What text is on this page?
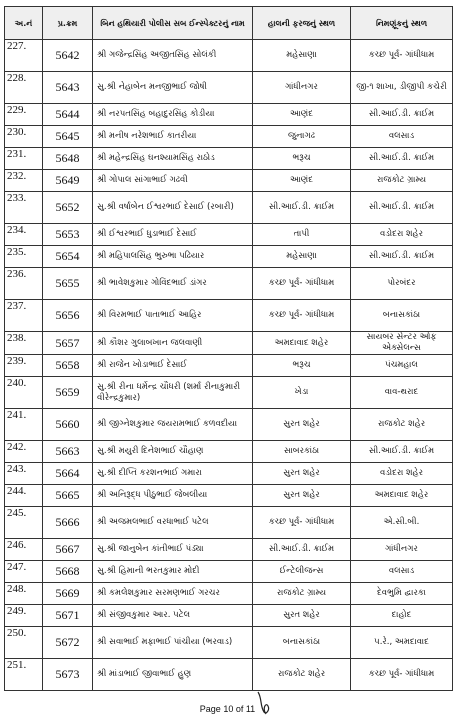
અ.નં	પ્ર.ક્રમ	બિન હથિયારી પોલીસ સબ ઈન્સ્પેક્ટરનું નામ	હાલની ફરજનું સ્થળ	નિમણૂંકનું સ્થળ
227.	5642	શ્રી ગજેન્દ્રસિંહ અજીતસિંહ સોલંકી	મહેસાણા	કચ્છ પૂર્વ- ગાંધીધામ
228.	5643	સુ.શ્રી નેહાબેન મનજીભાઈ જોષી	ગાંધીનગર	જી-૧ શાખા, ડીજીપી કચેરી
229.	5644	શ્રી નરપતસિંહ બહાદુરસિંહ કોડીયા	આણંદ	સી.આઈ.ડી. ક્રાઈમ
230.	5645	શ્રી મનીષ નરેશભાઈ કાતરીયા	જુનાગઢ	વલસાડ
231.	5648	શ્રી મહેન્દ્રસિંહ ઘનશ્યામસિંહ રાઠોડ	ભરૂચ	સી.આઈ.ડી. ક્રાઈમ
232.	5649	શ્રી ગોપાલ સાંગાભાઈ ગઢવી	આણંદ	રાજકોટ ગ્રામ્ય
233.	5652	સુ.શ્રી વર્ષાબેન ઈશ્વરભાઈ દેસાઈ (રબારી)	સી.આઈ.ડી. ક્રાઈમ	સી.આઈ.ડી. ક્રાઈમ
234.	5653	શ્રી ઈશ્વરભાઈ ધુડાભાઈ દેસાઈ	તાપી	વડોદરા શહેર
235.	5654	શ્રી મહિપાલસિંહ ભુરુભા પઢિયાર	મહેસાણા	સી.આઈ.ડી. ક્રાઈમ
236.	5655	શ્રી ભાવેશકુમાર ગોવિંદભાઈ ડાંગર	કચ્છ પૂર્વ- ગાંધીધામ	પોરબંદર
237.	5656	શ્રી વિરમભાઈ પાતાભાઈ આહિર	કચ્છ પૂર્વ- ગાંધીધામ	બનાસકાંઠા
238.	5657	શ્રી કૌશર ગુલાબખાન જલવાણી	અમદાવાદ શહેર	સાયબર સેન્ટર ઓફ એક્સેલન્સ
239.	5658	શ્રી રાજેન ખોડાભાઈ દેસાઈ	ભરૂચ	પંચમહાલ
240.	5659	સુ.શ્રી રીના ધર્મેન્દ્ર ચૌધરી (શર્મા રીનાકુમારી વીરેન્દ્રકુમાર)	ખેડા	વાવ-થરાદ
241.	5660	શ્રી જીગ્નેશકુમાર જયરામભાઈ કળવદીયા	સુરત શહેર	રાજકોટ શહેર
242.	5663	સુ.શ્રી મયુરી દિનેશભાઈ ચૌહાણ	સાબરકાંઠા	સી.આઈ.ડી. ક્રાઈમ
243.	5664	સુ.શ્રી દીપ્તિ કરશનભાઈ ગમારા	સુરત શહેર	વડોદરા શહેર
244.	5665	શ્રી અનિરૂદ્ધ પીઠુભાઈ જેબલીયા	સુરત શહેર	અમદાવાદ શહેર
245.	5666	શ્રી અજમલભાઈ વરધાભાઈ પટેલ	કચ્છ પૂર્વ- ગાંધીધામ	એ.સી.બી.
246.	5667	સુ.શ્રી જાનુબેન કાંતીભાઈ પંડ્યા	સી.આઈ.ડી. ક્રાઈમ	ગાંધીનગર
247.	5668	સુ.શ્રી હિમાની ભરતકુમાર મોદી	ઈન્ટેલીજન્સ	વલસાડ
248.	5669	શ્રી કમલેશકુમાર સરમણભાઈ ગરચર	રાજકોટ ગ્રામ્ય	દેવભુમિ દ્વારકા
249.	5671	શ્રી સંજીવકુમાર આર. પટેલ	સુરત શહેર	દાહોદ
250.	5672	શ્રી સવાભાઈ મફાભાઈ પાંચીયા (ભરવાડ)	બનાસકાંઠા	પ.રે., અમદાવાદ
251.	5673	શ્રી માંડાભાઈ જીવાભાઈ હુણ	રાજકોટ શહેર	કચ્છ પૂર્વ- ગાંધીધામ
Page 10 of 11
